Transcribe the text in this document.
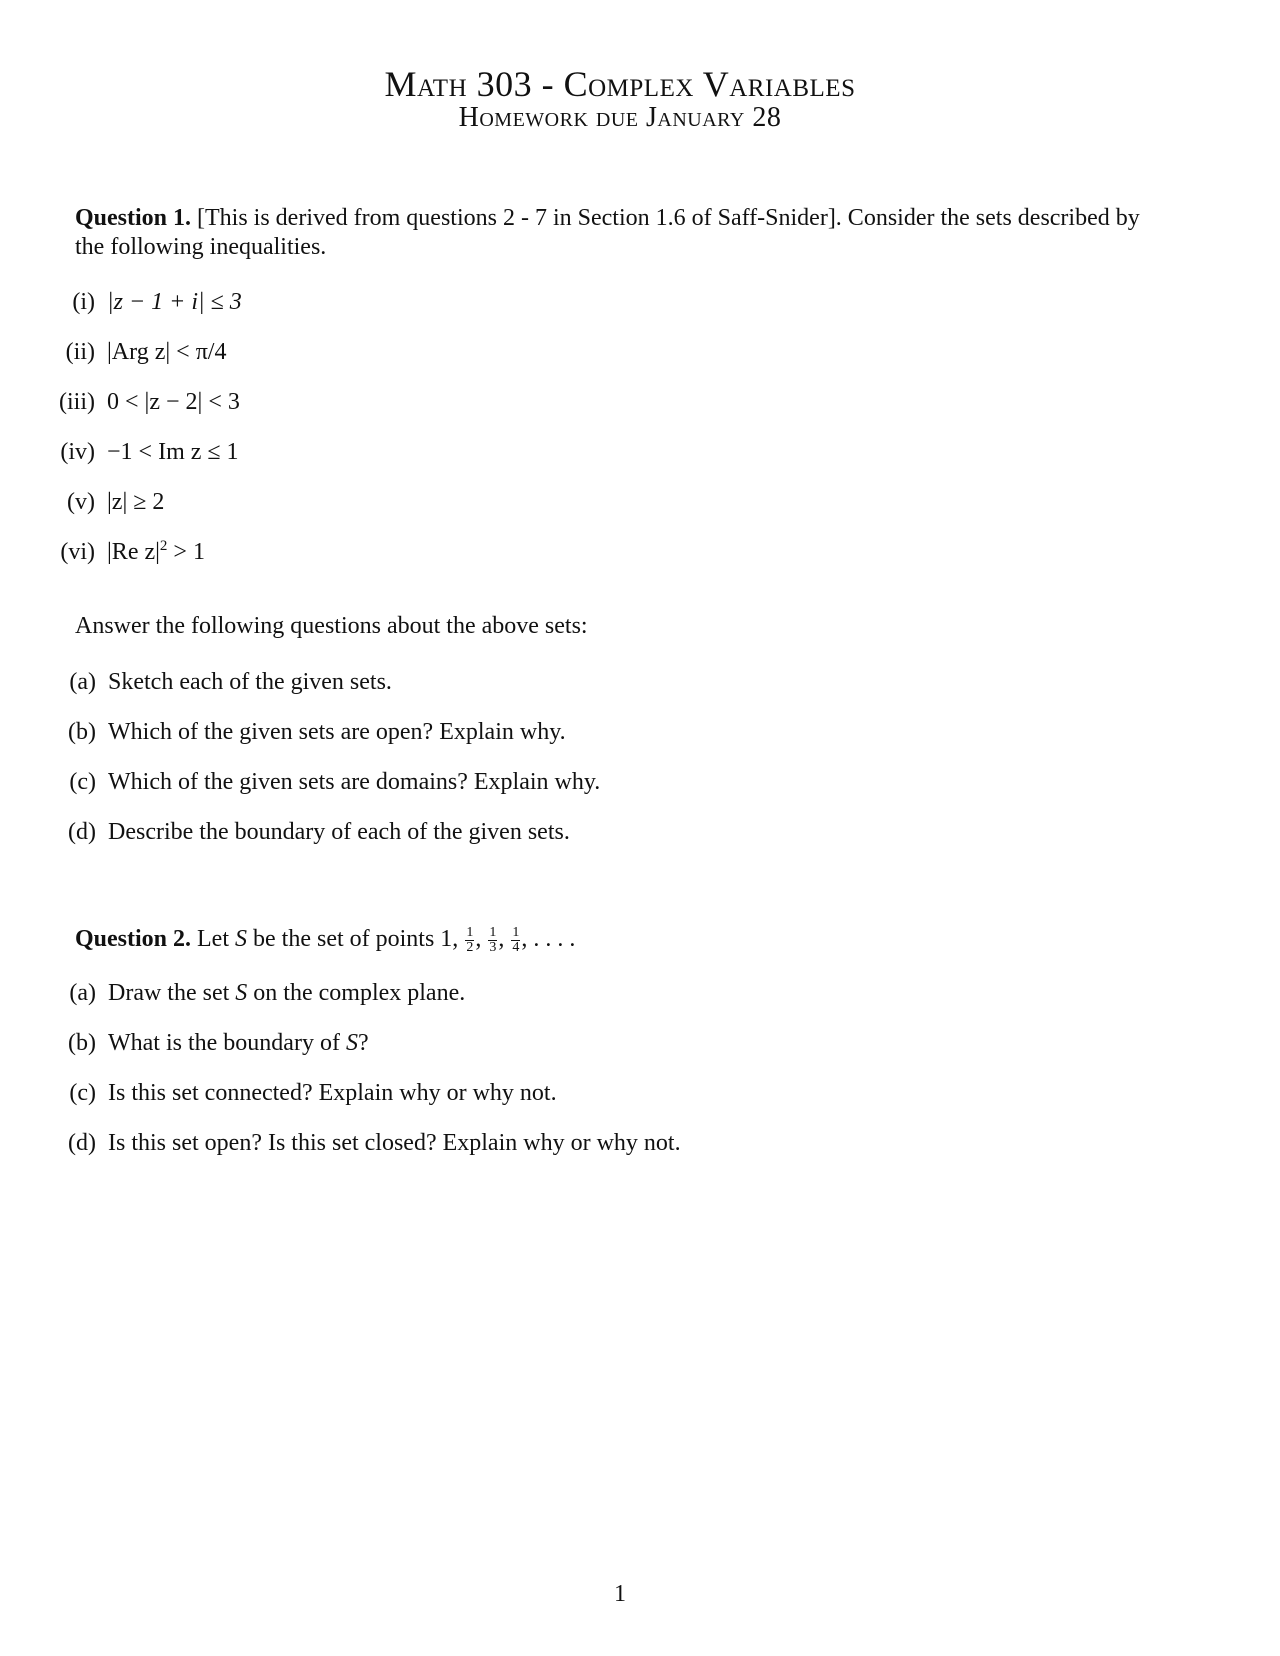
Math 303 - Complex Variables
Homework due January 28
Question 1. [This is derived from questions 2 - 7 in Section 1.6 of Saff-Snider]. Consider the sets described by the following inequalities.
(i) |z − 1 + i| ≤ 3
(ii) |Arg z| < π/4
(iii) 0 < |z − 2| < 3
(iv) −1 < Im z ≤ 1
(v) |z| ≥ 2
(vi) |Re $z|^2 > 1$
Answer the following questions about the above sets:
(a) Sketch each of the given sets.
(b) Which of the given sets are open? Explain why.
(c) Which of the given sets are domains? Explain why.
(d) Describe the boundary of each of the given sets.
Question 2. Let S be the set of points 1, $\frac{1}{2}$ , $\frac{1}{3}$ , $\frac{1}{4}$ , . . . .
(a) Draw the set S on the complex plane.
(b) What is the boundary of S?
(c) Is this set connected? Explain why or why not.
(d) Is this set open? Is this set closed? Explain why or why not.
1
